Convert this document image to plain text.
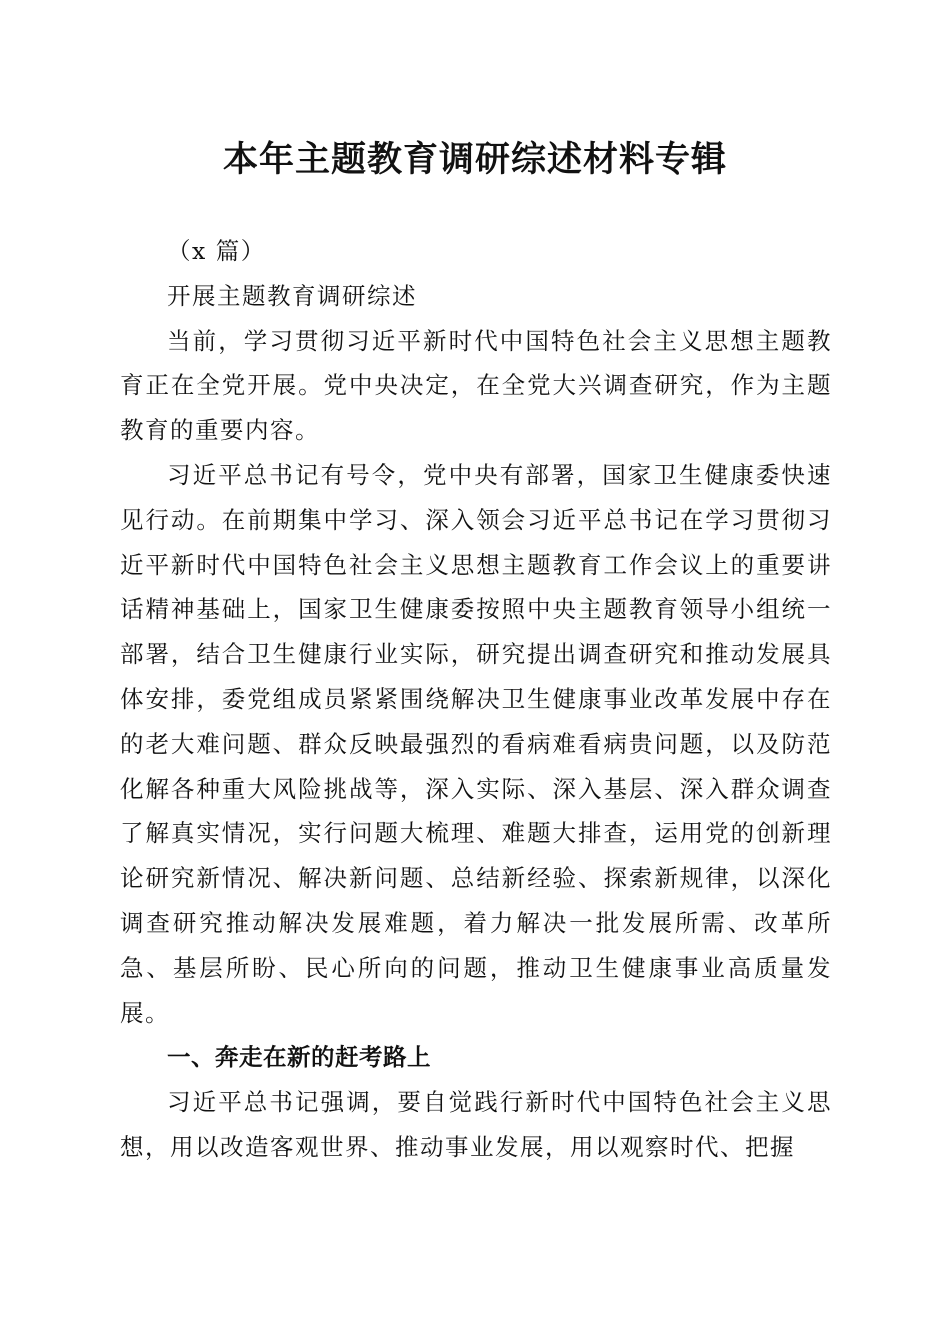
本年主题教育调研综述材料专辑

（x 篇）

开展主题教育调研综述

当前，学习贯彻习近平新时代中国特色社会主义思想主题教育正在全党开展。党中央决定，在全党大兴调查研究，作为主题教育的重要内容。

习近平总书记有号令，党中央有部署，国家卫生健康委快速见行动。在前期集中学习、深入领会习近平总书记在学习贯彻习近平新时代中国特色社会主义思想主题教育工作会议上的重要讲话精神基础上，国家卫生健康委按照中央主题教育领导小组统一部署，结合卫生健康行业实际，研究提出调查研究和推动发展具体安排，委党组成员紧紧围绕解决卫生健康事业改革发展中存在的老大难问题、群众反映最强烈的看病难看病贵问题，以及防范化解各种重大风险挑战等，深入实际、深入基层、深入群众调查了解真实情况，实行问题大梳理、难题大排查，运用党的创新理论研究新情况、解决新问题、总结新经验、探索新规律，以深化调查研究推动解决发展难题，着力解决一批发展所需、改革所急、基层所盼、民心所向的问题，推动卫生健康事业高质量发展。

一、奔走在新的赶考路上

习近平总书记强调，要自觉践行新时代中国特色社会主义思想，用以改造客观世界、推动事业发展，用以观察时代、把握
